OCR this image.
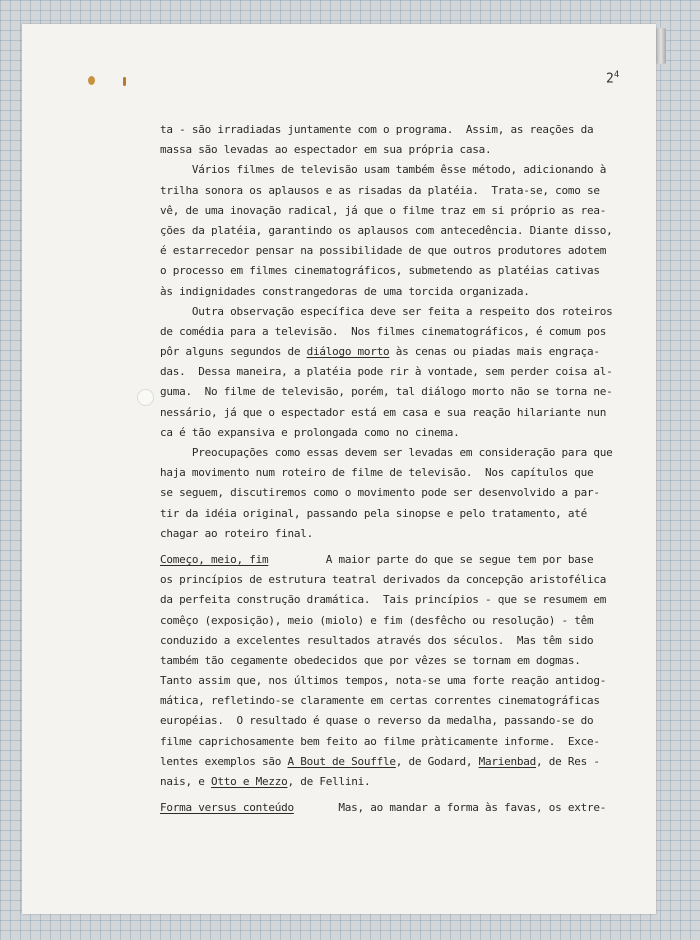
$2^4$
ta - são irradiadas juntamente com o programa.  Assim, as reações da
massa são levadas ao espectador em sua própria casa.
Vários filmes de televisão usam também êsse método, adicionando à
trilha sonora os aplausos e as risadas da platéia.  Trata-se, como se
vê, de uma inovação radical, já que o filme traz em si próprio as rea-
ções da platéia, garantindo os aplausos com antecedência. Diante disso,
é estarrecedor pensar na possibilidade de que outros produtores adotem
o processo em filmes cinematográficos, submetendo as platéias cativas
às indignidades constrangedoras de uma torcida organizada.
Outra observação específica deve ser feita a respeito dos roteiros
de comédia para a televisão.  Nos filmes cinematográficos, é comum pos
pôr alguns segundos de diálogo morto às cenas ou piadas mais engraça-
das.  Dessa maneira, a platéia pode rir à vontade, sem perder coisa al-
guma.  No filme de televisão, porém, tal diálogo morto não se torna ne-
nessário, já que o espectador está em casa e sua reação hilariante nun
ca é tão expansiva e prolongada como no cinema.
Preocupações como essas devem ser levadas em consideração para que
haja movimento num roteiro de filme de televisão.  Nos capítulos que
se seguem, discutiremos como o movimento pode ser desenvolvido a par-
tir da idéia original, passando pela sinopse e pelo tratamento, até
chagar ao roteiro final.
Começo, meio, fim         A maior parte do que se segue tem por base
os princípios de estrutura teatral derivados da concepção aristofélica
da perfeita construção dramática.  Tais princípios - que se resumem em
comêço (exposição), meio (miolo) e fim (desfêcho ou resolução) - têm
conduzido a excelentes resultados através dos séculos.  Mas têm sido
também tão cegamente obedecidos que por vêzes se tornam em dogmas.
Tanto assim que, nos últimos tempos, nota-se uma forte reação antidog-
mática, refletindo-se claramente em certas correntes cinematográficas
européias.  O resultado é quase o reverso da medalha, passando-se do
filme caprichosamente bem feito ao filme pràticamente informe.  Exce-
lentes exemplos são A Bout de Souffle, de Godard, Marienbad, de Res -
nais, e Otto e Mezzo, de Fellini.
Forma versus conteúdo       Mas, ao mandar a forma às favas, os extre-
